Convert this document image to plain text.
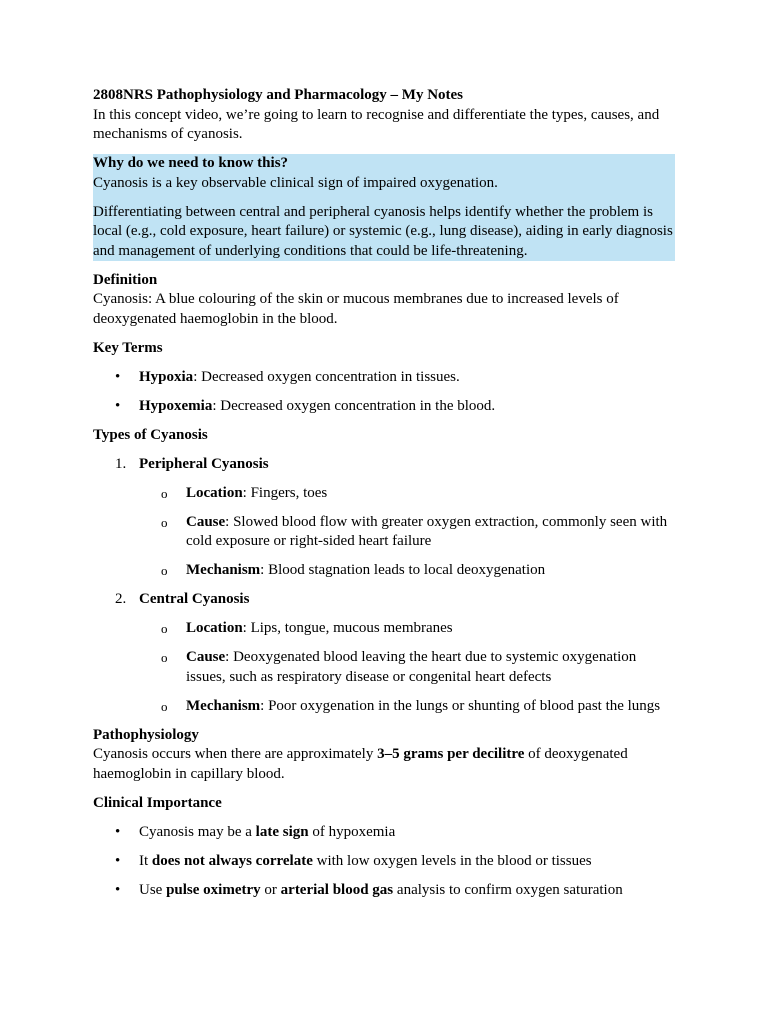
2808NRS Pathophysiology and Pharmacology – My Notes

In this concept video, we’re going to learn to recognise and differentiate the types, causes, and mechanisms of cyanosis.

Why do we need to know this?

Cyanosis is a key observable clinical sign of impaired oxygenation.

Differentiating between central and peripheral cyanosis helps identify whether the problem is local (e.g., cold exposure, heart failure) or systemic (e.g., lung disease), aiding in early diagnosis and management of underlying conditions that could be life-threatening.

Definition

Cyanosis: A blue colouring of the skin or mucous membranes due to increased levels of deoxygenated haemoglobin in the blood.

Key Terms

• Hypoxia: Decreased oxygen concentration in tissues.
• Hypoxemia: Decreased oxygen concentration in the blood.

Types of Cyanosis

1. Peripheral Cyanosis
o Location: Fingers, toes
o Cause: Slowed blood flow with greater oxygen extraction, commonly seen with cold exposure or right-sided heart failure
o Mechanism: Blood stagnation leads to local deoxygenation
2. Central Cyanosis
o Location: Lips, tongue, mucous membranes
o Cause: Deoxygenated blood leaving the heart due to systemic oxygenation issues, such as respiratory disease or congenital heart defects
o Mechanism: Poor oxygenation in the lungs or shunting of blood past the lungs

Pathophysiology

Cyanosis occurs when there are approximately 3–5 grams per decilitre of deoxygenated haemoglobin in capillary blood.

Clinical Importance

• Cyanosis may be a late sign of hypoxemia
• It does not always correlate with low oxygen levels in the blood or tissues
• Use pulse oximetry or arterial blood gas analysis to confirm oxygen saturation
